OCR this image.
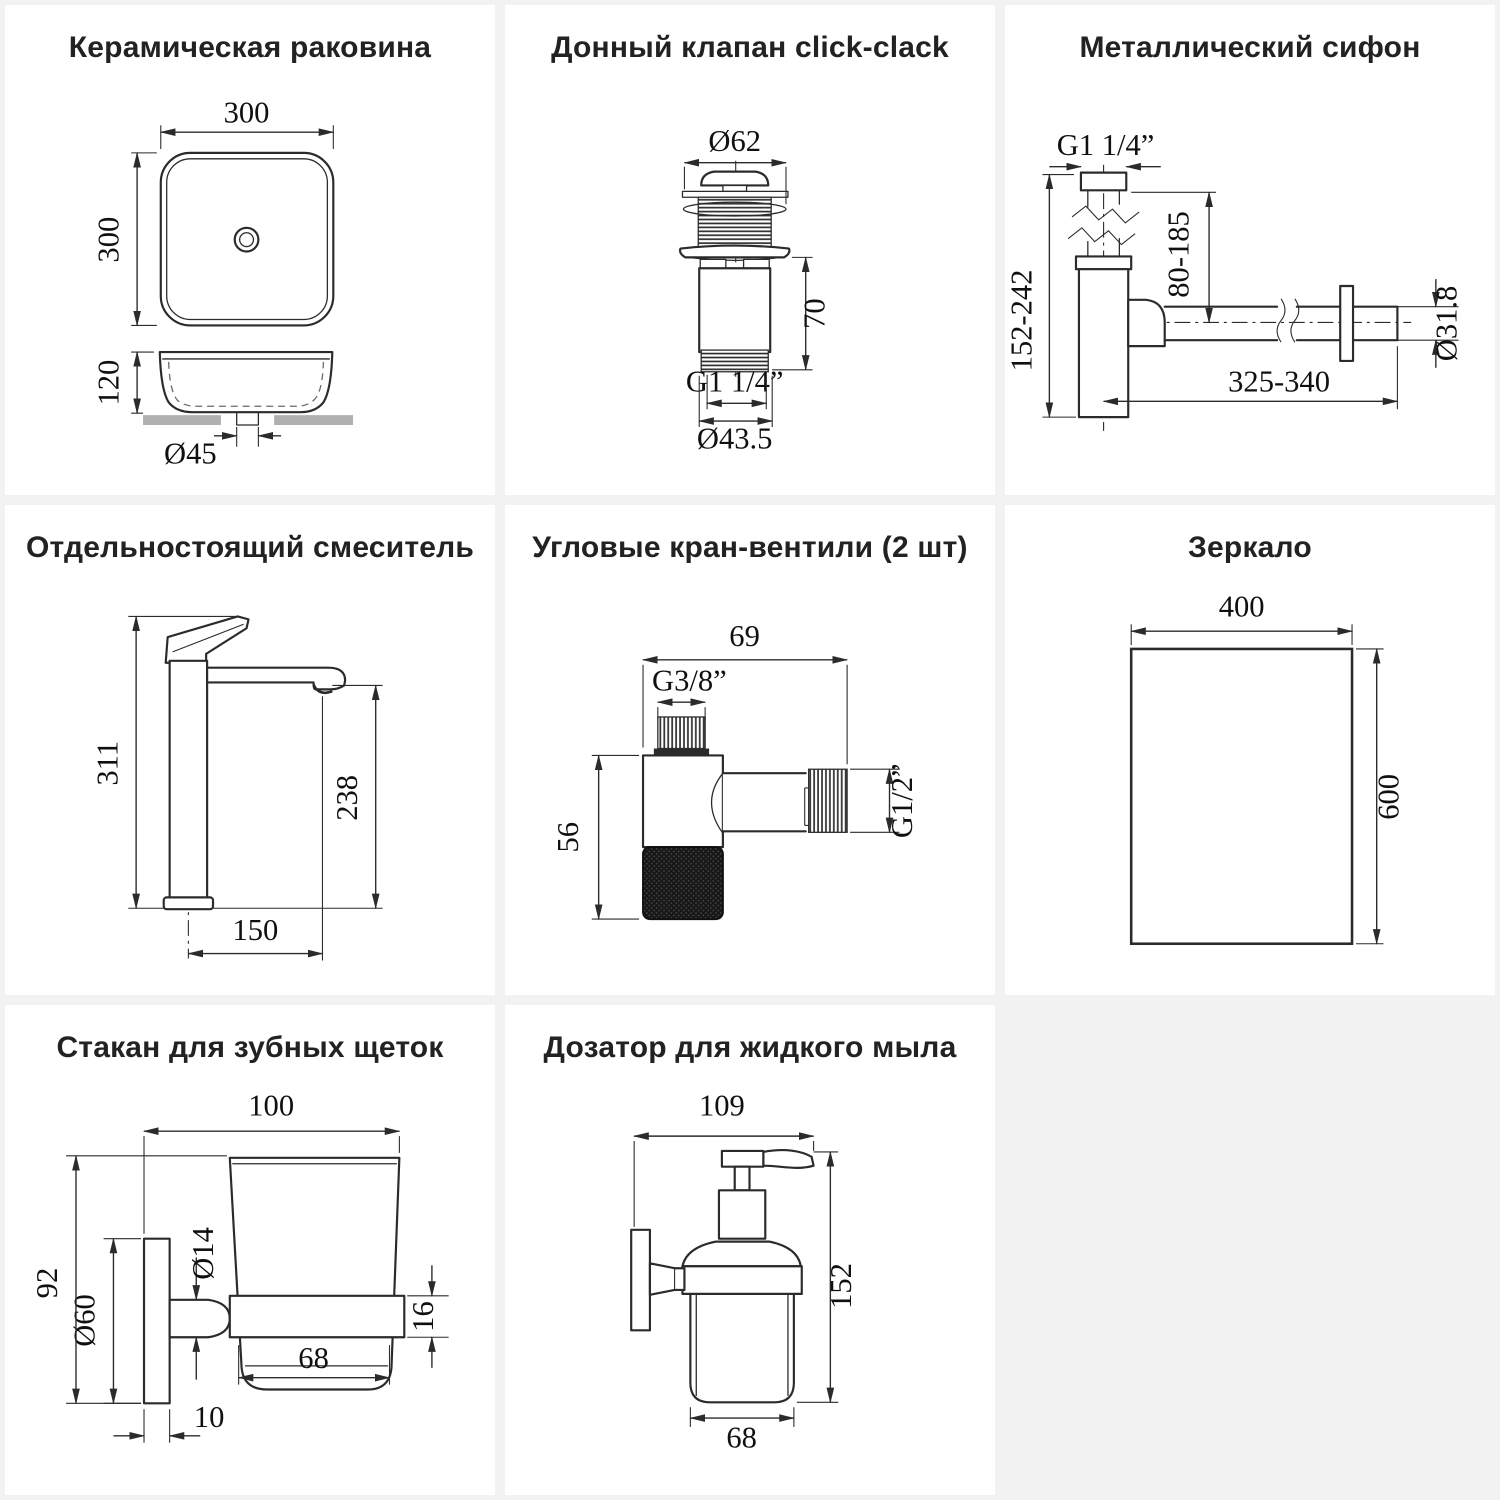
Керамическая раковина
300
300
120
Ø45
Донный клапан click-clack
Ø62
70
G1 1/4”
Ø43.5
Металлический сифон
G1 1/4”
152-242
80-185
Ø31.8
325-340
Отдельностоящий смеситель
311
238
150
Угловые кран-вентили (2 шт)
69
G3/8”
G1/2”
56
Зеркало
400
600
Стакан для зубных щеток
100
Ø14
Ø60
92
16
68
10
Дозатор для жидкого мыла
109
152
68
